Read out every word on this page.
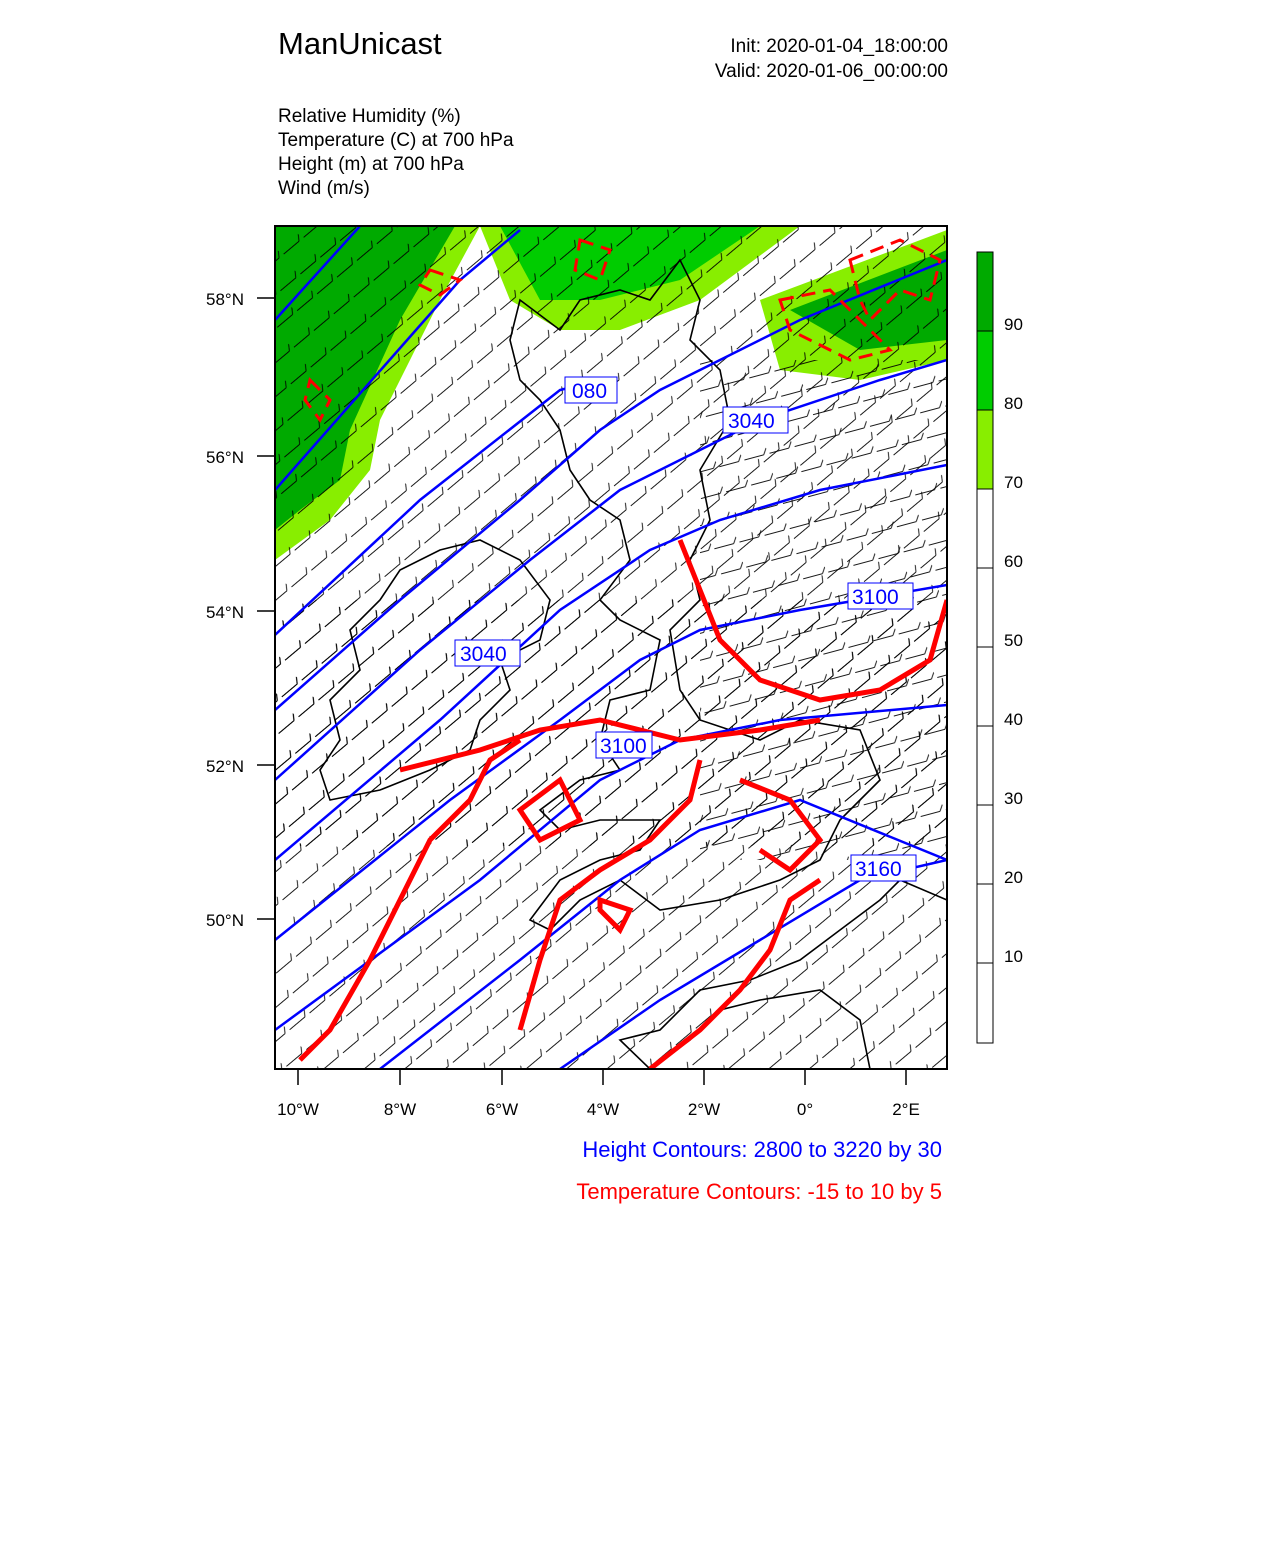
ManUnicast	Init: 2020-01-04_18:00:00
Valid: 2020-01-06_00:00:00
Relative Humidity (%)
Temperature (C) at 700 hPa
Height (m) at 700 hPa
Wind (m/s)
58°N
56°N
54°N
52°N
50°N
10°W	8°W	6°W	4°W	2°W	0°	2°E
3040
3040
3100
3160
080
3100
90
80
70
60
50
40
30
20
10
Height Contours: 2800 to 3220 by 30
Temperature Contours: -15 to 10 by 5
